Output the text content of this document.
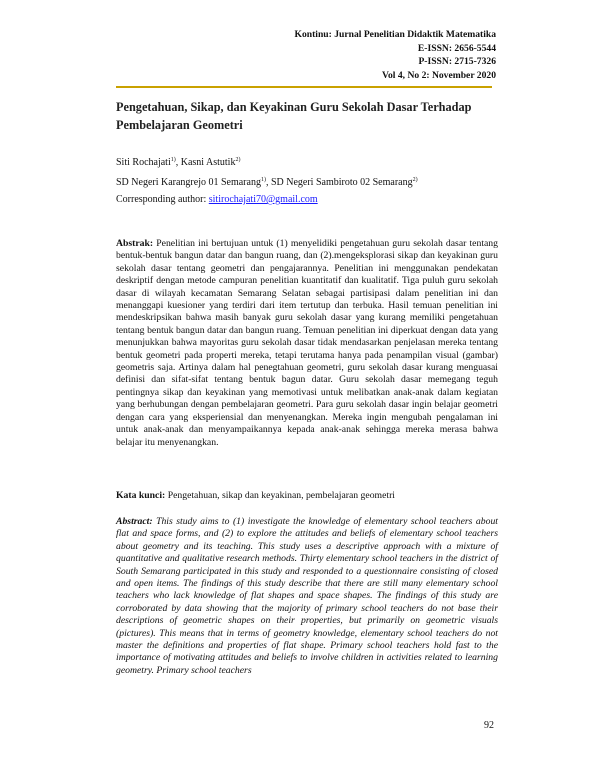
Kontinu: Jurnal Penelitian Didaktik Matematika
E-ISSN: 2656-5544
P-ISSN: 2715-7326
Vol 4, No 2: November 2020
Pengetahuan, Sikap, dan Keyakinan Guru Sekolah Dasar Terhadap Pembelajaran Geometri
Siti Rochajati$^{1)}$, Kasni Astutik$^{2)}$
SD Negeri Karangrejo 01 Semarang$^{1)}$, SD Negeri Sambiroto 02 Semarang$^{2)}$
Corresponding author: sitirochajati70@gmail.com
Abstrak: Penelitian ini bertujuan untuk (1) menyelidiki pengetahuan guru sekolah dasar tentang bentuk-bentuk bangun datar dan bangun ruang, dan (2).mengeksplorasi sikap dan keyakinan guru sekolah dasar tentang geometri dan pengajarannya. Penelitian ini menggunakan pendekatan deskriptif dengan metode campuran penelitian kuantitatif dan kualitatif. Tiga puluh guru sekolah dasar di wilayah kecamatan Semarang Selatan sebagai partisipasi dalam penelitian ini dan menanggapi kuesioner yang terdiri dari item tertutup dan terbuka. Hasil temuan penelitian ini mendeskripsikan bahwa masih banyak guru sekolah dasar yang kurang memiliki pengetahuan tentang bentuk bangun datar dan bangun ruang. Temuan penelitian ini diperkuat dengan data yang menunjukkan bahwa mayoritas guru sekolah dasar tidak mendasarkan penjelasan mereka tentang bentuk geometri pada properti mereka, tetapi terutama hanya pada penampilan visual (gambar) geometris saja. Artinya dalam hal penegtahuan geometri, guru sekolah dasar kurang menguasai definisi dan sifat-sifat tentang bentuk bagun datar. Guru sekolah dasar memegang teguh pentingnya sikap dan keyakinan yang memotivasi untuk melibatkan anak-anak dalam kegiatan yang berhubungan dengan pembelajaran geometri. Para guru sekolah dasar ingin belajar geometri dengan cara yang eksperiensial dan menyenangkan. Mereka ingin mengubah pengalaman ini untuk anak-anak dan menyampaikannya kepada anak-anak sehingga mereka merasa bahwa belajar itu menyenangkan.
Kata kunci: Pengetahuan, sikap dan keyakinan, pembelajaran geometri
Abstract: This study aims to (1) investigate the knowledge of elementary school teachers about flat and space forms, and (2) to explore the attitudes and beliefs of elementary school teachers about geometry and its teaching. This study uses a descriptive approach with a mixture of quantitative and qualitative research methods. Thirty elementary school teachers in the district of South Semarang participated in this study and responded to a questionnaire consisting of closed and open items. The findings of this study describe that there are still many elementary school teachers who lack knowledge of flat shapes and space shapes. The findings of this study are corroborated by data showing that the majority of primary school teachers do not base their descriptions of geometric shapes on their properties, but primarily on geometric visuals (pictures). This means that in terms of geometry knowledge, elementary school teachers do not master the definitions and properties of flat shape. Primary school teachers hold fast to the importance of motivating attitudes and beliefs to involve children in activities related to learning geometry. Primary school teachers
92
